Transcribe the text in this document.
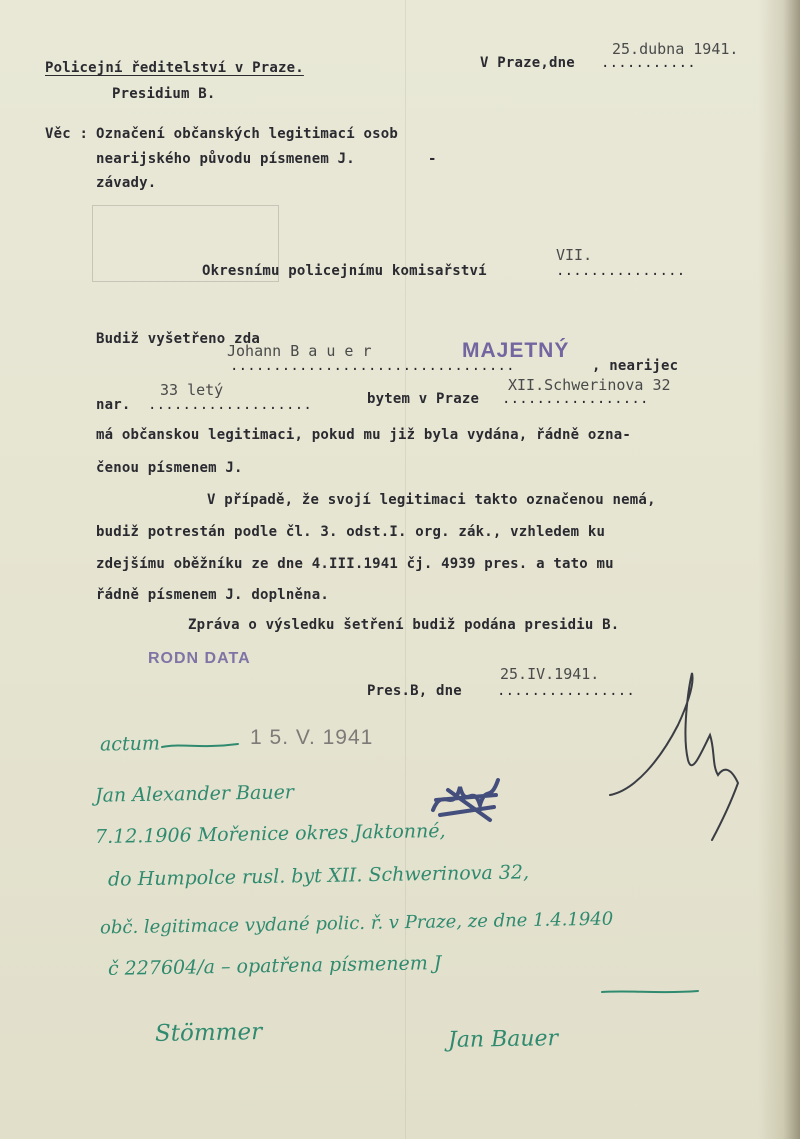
Policejní ředitelství v Praze.
Presidium B.
V Praze,dne ...........
25.dubna 1941.
Věc : Označení občanských legitimací osob
nearijského původu písmenem J.	-
závady.
Okresnímu policejnímu komisařství	...............
VII.
Budiž vyšetřeno zda
.................................	, nearijec
Johann B a u e r	MAJETNÝ
nar. ...................
33 letý	bytem v Praze .................
XII.Schwerinova 32
má občanskou legitimaci, pokud mu již byla vydána, řádně ozna-
čenou písmenem J.
V případě, že svojí legitimaci takto označenou nemá,
budiž potrestán podle čl. 3. odst.I. org. zák., vzhledem ku
zdejšímu oběžníku ze dne 4.III.1941 čj. 4939 pres. a tato mu
řádně písmenem J. doplněna.
Zpráva o výsledku šetření budiž podána presidiu B.
RODN DATA
25.IV.1941.
Pres.B, dne	................
actum	1 5. V. 1941
Jan Alexander Bauer
7.12.1906 Mořenice okres Jaktonné,
do Humpolce rusl. byt XII. Schwerinova 32,
obč. legitimace vydané polic. ř. v Praze, ze dne 1.4.1940
č 227604/a – opatřena písmenem J
Stömmer	Jan Bauer
